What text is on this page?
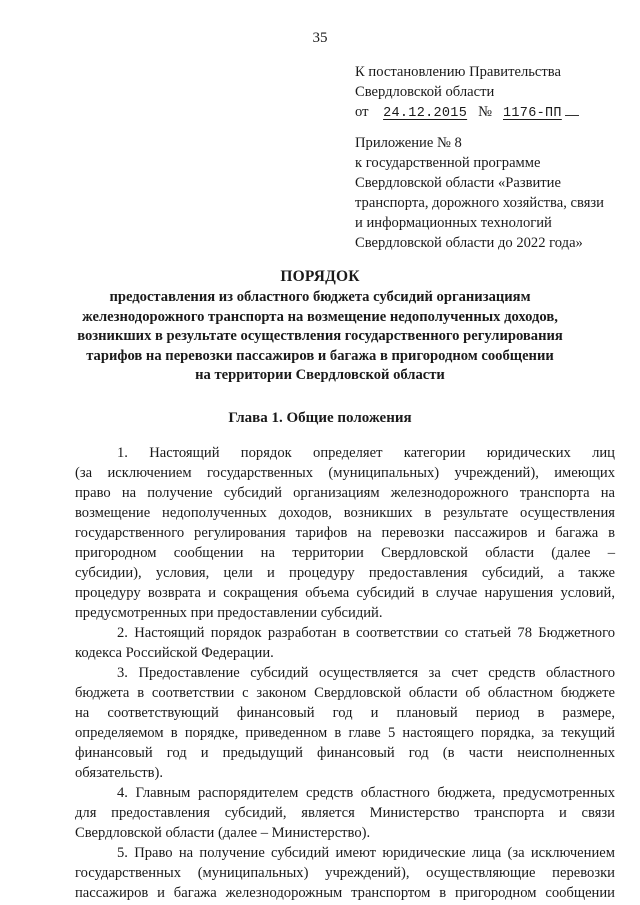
35
К постановлению Правительства
Свердловской области
от 24.12.2015 № 1176-ПП
Приложение № 8
к государственной программе
Свердловской области «Развитие
транспорта, дорожного хозяйства, связи
и информационных технологий
Свердловской области до 2022 года»
ПОРЯДОК
предоставления из областного бюджета субсидий организациям
железнодорожного транспорта на возмещение недополученных доходов,
возникших в результате осуществления государственного регулирования
тарифов на перевозки пассажиров и багажа в пригородном сообщении
на территории Свердловской области
Глава 1. Общие положения
1. Настоящий порядок определяет категории юридических лиц
(за исключением государственных (муниципальных) учреждений), имеющих
право на получение субсидий организациям железнодорожного транспорта на
возмещение недополученных доходов, возникших в результате осуществления
государственного регулирования тарифов на перевозки пассажиров и багажа в
пригородном сообщении на территории Свердловской области (далее –
субсидии), условия, цели и процедуру предоставления субсидий, а также
процедуру возврата и сокращения объема субсидий в случае нарушения условий,
предусмотренных при предоставлении субсидий.
2. Настоящий порядок разработан в соответствии со статьей 78 Бюджетного
кодекса Российской Федерации.
3. Предоставление субсидий осуществляется за счет средств областного
бюджета в соответствии с законом Свердловской области об областном бюджете
на соответствующий финансовый год и плановый период в размере,
определяемом в порядке, приведенном в главе 5 настоящего порядка, за текущий
финансовый год и предыдущий финансовый год (в части неисполненных
обязательств).
4. Главным распорядителем средств областного бюджета, предусмотренных
для предоставления субсидий, является Министерство транспорта и связи
Свердловской области (далее – Министерство).
5. Право на получение субсидий имеют юридические лица (за исключением
государственных (муниципальных) учреждений), осуществляющие перевозки
пассажиров и багажа железнодорожным транспортом в пригородном сообщении
